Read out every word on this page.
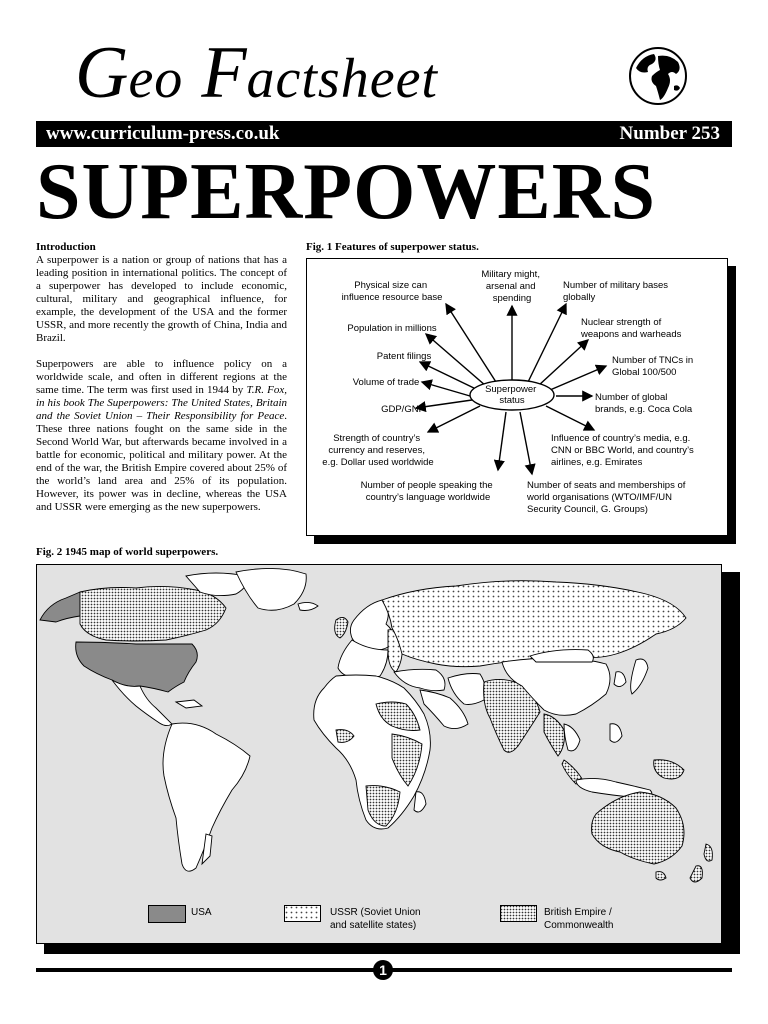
Geo Factsheet
www.curriculum-press.co.uk	Number 253
SUPERPOWERS
Introduction

A superpower is a nation or group of nations that has a leading position in international politics. The concept of a superpower has developed to include economic, cultural, military and geographical influence, for example, the development of the USA and the former USSR, and more recently the growth of China, India and Brazil.

Superpowers are able to influence policy on a worldwide scale, and often in different regions at the same time. The term was first used in 1944 by T.R. Fox, in his book The Superpowers: The United States, Britain and the Soviet Union – Their Responsibility for Peace. These three nations fought on the same side in the Second World War, but afterwards became involved in a battle for economic, political and military power. At the end of the war, the British Empire covered about 25% of the world’s land area and 25% of its population. However, its power was in decline, whereas the USA and USSR were emerging as the new superpowers.

Fig. 1 Features of superpower status.
Superpower status
Physical size can influence resource base
Military might, arsenal and spending
Number of military bases globally
Population in millions
Nuclear strength of weapons and warheads
Patent filings	Number of TNCs in Global 100/500
Volume of trade
Number of global brands, e.g. Coca Cola
GDP/GNP
Strength of country’s currency and reserves, e.g. Dollar used worldwide
Influence of country’s media, e.g. CNN or BBC World, and country’s airlines, e.g. Emirates
Number of people speaking the country’s language worldwide
Number of seats and memberships of world organisations (WTO/IMF/UN Security Council, G. Groups)
Fig. 2 1945 map of world superpowers.
USA	USSR (Soviet Union
and satellite states)
British Empire /
Commonwealth
1
